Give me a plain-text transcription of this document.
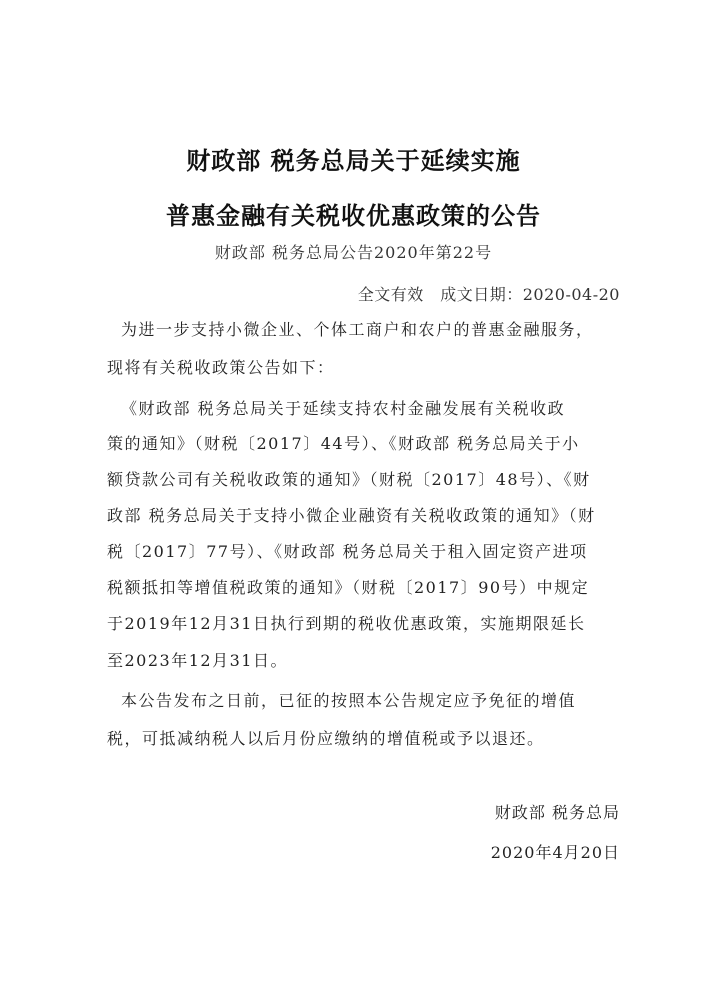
财政部 税务总局关于延续实施
普惠金融有关税收优惠政策的公告
财政部 税务总局公告2020年第22号
全文有效　成文日期：2020-04-20
为进一步支持小微企业、个体工商户和农户的普惠金融服务，
现将有关税收政策公告如下：
《财政部 税务总局关于延续支持农村金融发展有关税收政
策的通知》（财税〔2017〕44号）、《财政部 税务总局关于小
额贷款公司有关税收政策的通知》（财税〔2017〕48号）、《财
政部 税务总局关于支持小微企业融资有关税收政策的通知》（财
税〔2017〕77号）、《财政部 税务总局关于租入固定资产进项
税额抵扣等增值税政策的通知》（财税〔2017〕90号）中规定
于2019年12月31日执行到期的税收优惠政策，实施期限延长
至2023年12月31日。
本公告发布之日前，已征的按照本公告规定应予免征的增值
税，可抵减纳税人以后月份应缴纳的增值税或予以退还。
财政部 税务总局
2020年4月20日
